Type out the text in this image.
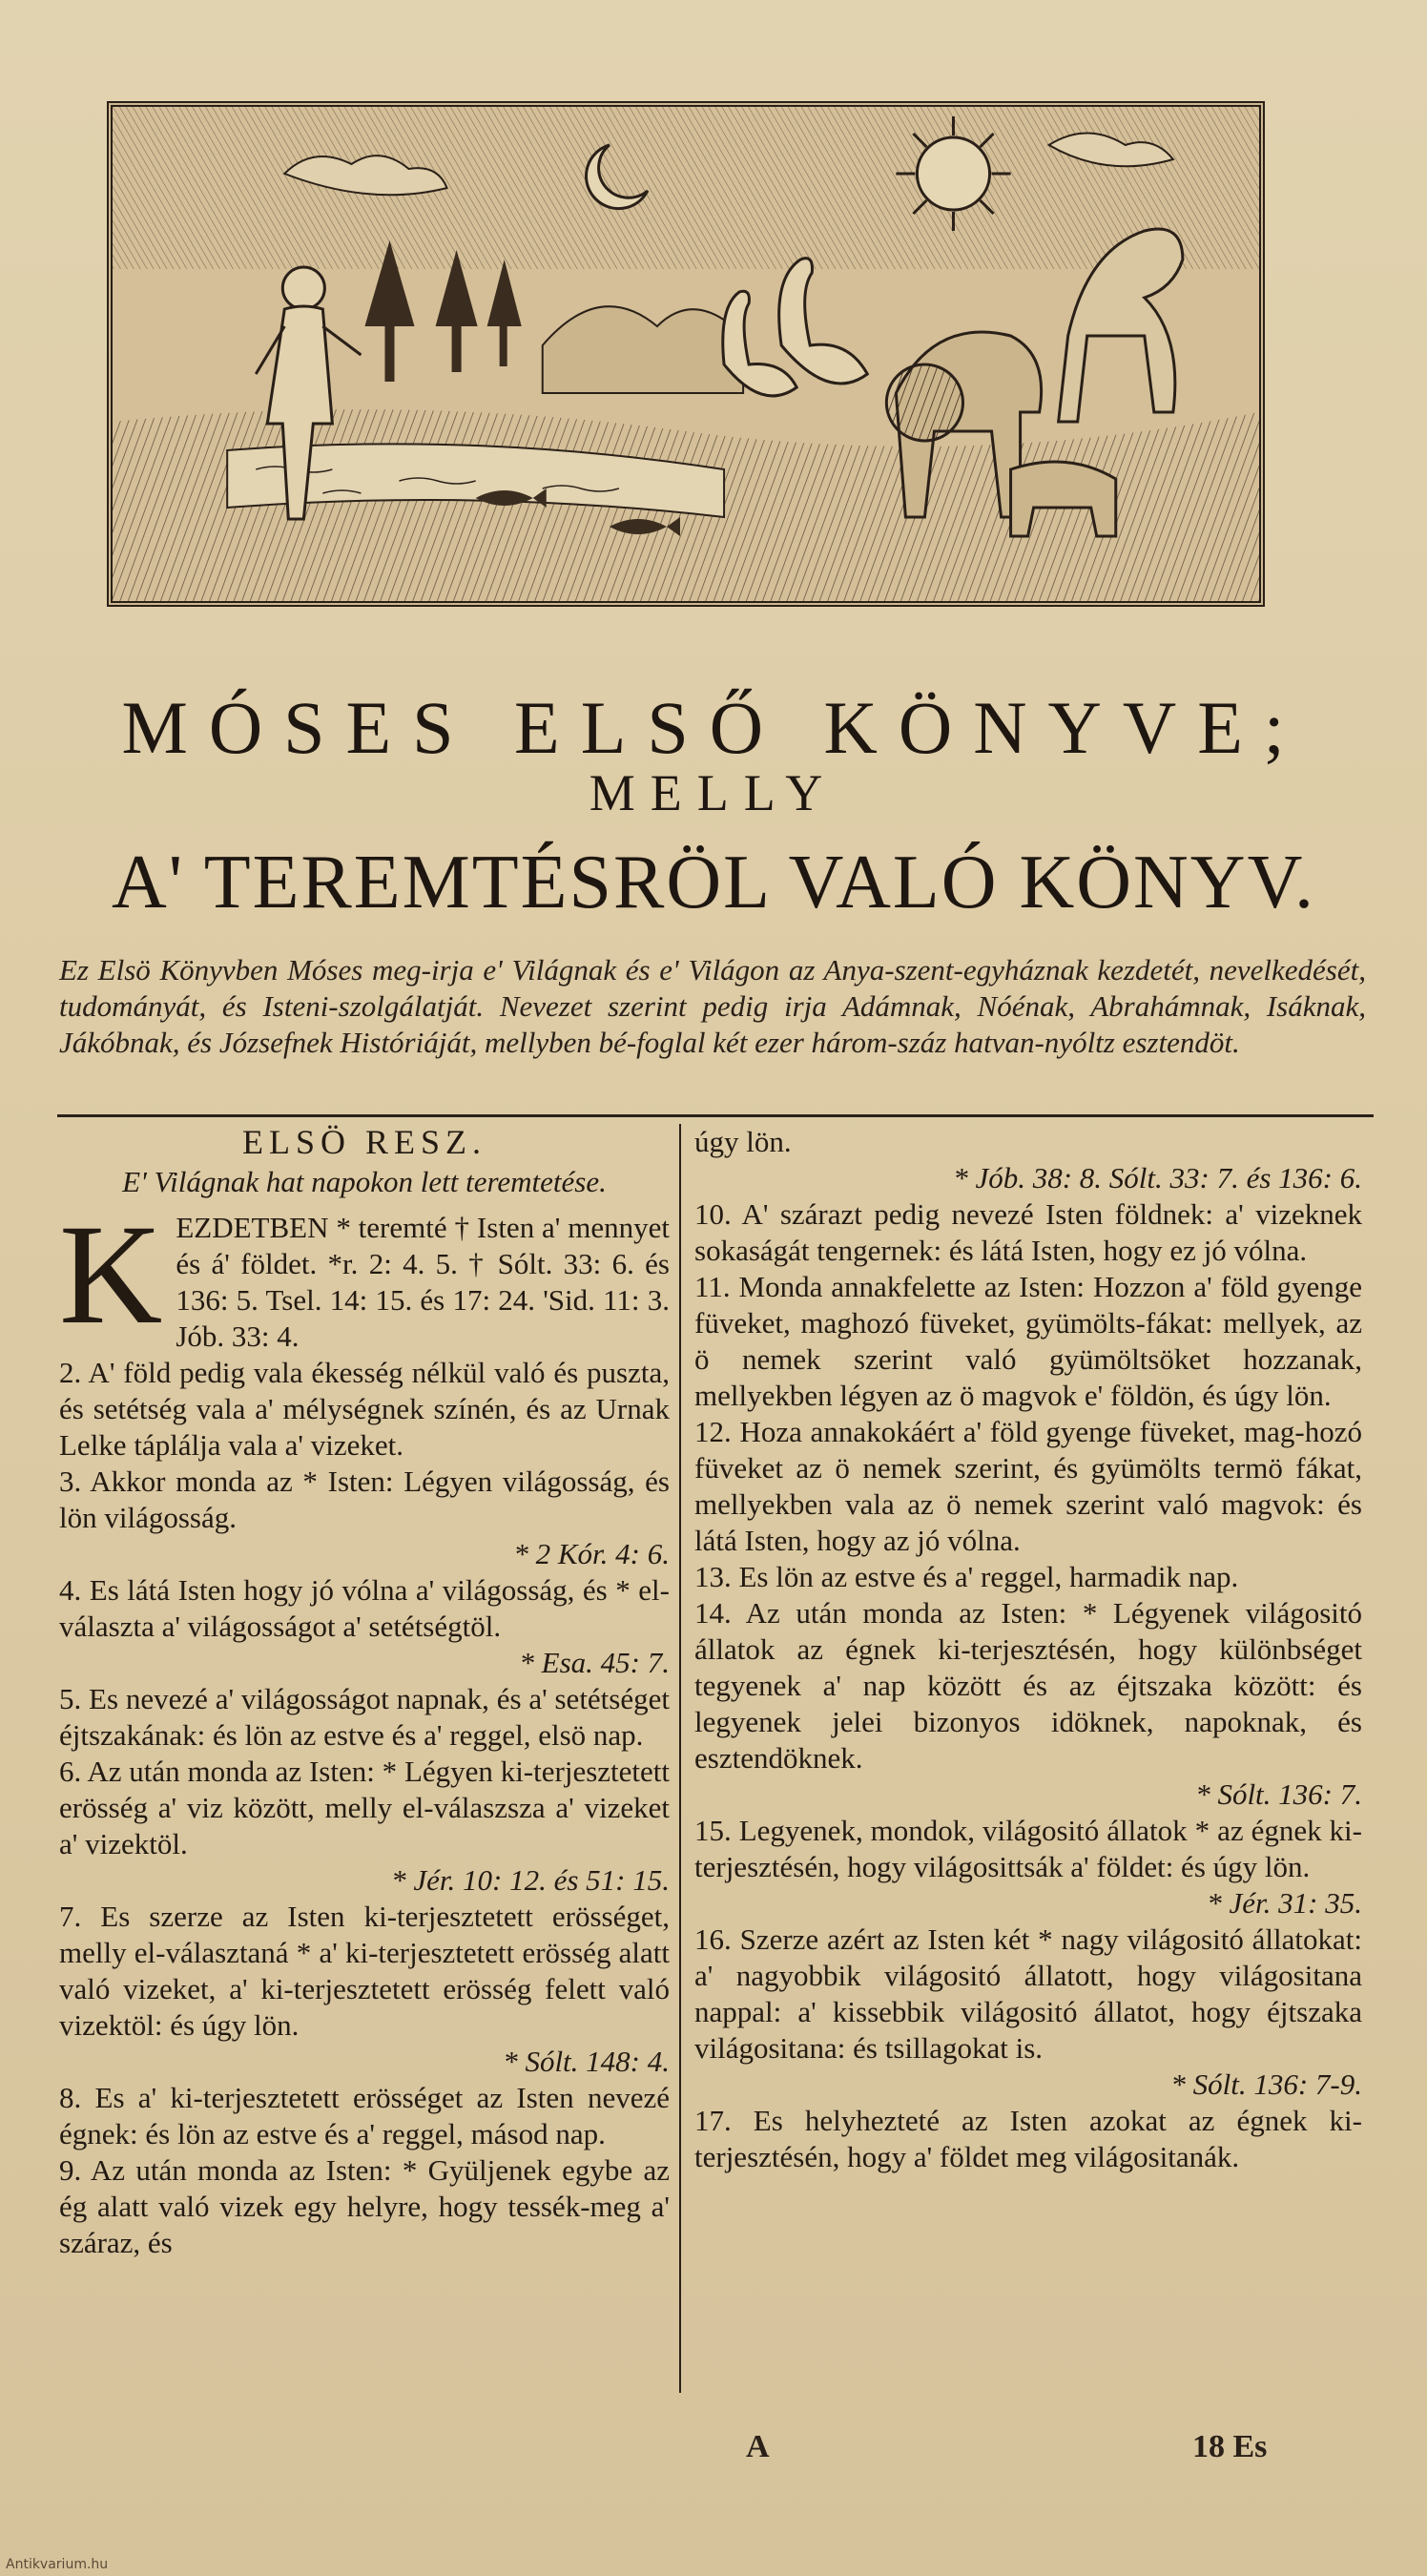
MÓSES ELSŐ KÖNYVE;
MELLY
A' TEREMTÉSRÖL VALÓ KÖNYV.
Ez Elsö Könyvben Móses meg-irja e' Világnak és e' Világon az Anya-szent-egyháznak kezdetét, nevelkedését, tudományát, és Isteni-szolgálatját. Nevezet szerint pedig irja Adámnak, Nóénak, Abrahámnak, Isáknak, Jákóbnak, és Józsefnek Históriáját, mellyben bé-foglal két ezer három-száz hatvan-nyóltz esztendöt.
ELSÖ RESZ.
E' Világnak hat napokon lett teremtetése.
K EZDETBEN * teremté † Isten a' mennyet és á' földet. *r. 2: 4. 5. † Sólt. 33: 6. és 136: 5. Tsel. 14: 15. és 17: 24. 'Sid. 11: 3. Jób. 33: 4.

2. A' föld pedig vala ékesség nélkül való és puszta, és setétség vala a' mélységnek színén, és az Urnak Lelke táplálja vala a' vizeket.

3. Akkor monda az * Isten: Légyen világosság, és lön világosság.

* 2 Kór. 4: 6.

4. Es látá Isten hogy jó vólna a' világosság, és * el-választa a' világosságot a' setétségtöl.

* Esa. 45: 7.

5. Es nevezé a' világosságot napnak, és a' setétséget éjtszakának: és lön az estve és a' reggel, elsö nap.

6. Az után monda az Isten: * Légyen ki-terjesztetett erösség a' viz között, melly el-válaszsza a' vizeket a' vizektöl.

* Jér. 10: 12. és 51: 15.

7. Es szerze az Isten ki-terjesztetett erösséget, melly el-választaná * a' ki-terjesztetett erösség alatt való vizeket, a' ki-terjesztetett erösség felett való vizektöl: és úgy lön.

* Sólt. 148: 4.

8. Es a' ki-terjesztetett erösséget az Isten nevezé égnek: és lön az estve és a' reggel, másod nap.

9. Az után monda az Isten: * Gyüljenek egybe az ég alatt való vizek egy helyre, hogy tessék-meg a' száraz, és

úgy lön.

* Jób. 38: 8. Sólt. 33: 7. és 136: 6.

10. A' szárazt pedig nevezé Isten földnek: a' vizeknek sokaságát tengernek: és látá Isten, hogy ez jó vólna.

11. Monda annakfelette az Isten: Hozzon a' föld gyenge füveket, maghozó füveket, gyümölts-fákat: mellyek, az ö nemek szerint való gyümöltsöket hozzanak, mellyekben légyen az ö magvok e' földön, és úgy lön.

12. Hoza annakokáért a' föld gyenge füveket, mag-hozó füveket az ö nemek szerint, és gyümölts termö fákat, mellyekben vala az ö nemek szerint való magvok: és látá Isten, hogy az jó vólna.

13. Es lön az estve és a' reggel, harmadik nap.

14. Az után monda az Isten: * Légyenek világositó állatok az égnek ki-terjesztésén, hogy különbséget tegyenek a' nap között és az éjtszaka között: és legyenek jelei bizonyos idöknek, napoknak, és esztendöknek.

* Sólt. 136: 7.

15. Legyenek, mondok, világositó állatok * az égnek ki-terjesztésén, hogy világosittsák a' földet: és úgy lön.

* Jér. 31: 35.

16. Szerze azért az Isten két * nagy világositó állatokat: a' nagyobbik világositó állatott, hogy világositana nappal: a' kissebbik világositó állatot, hogy éjtszaka világositana: és tsillagokat is.

* Sólt. 136: 7-9.

17. Es helyhezteté az Isten azokat az égnek ki-terjesztésén, hogy a' földet meg világositanák.

A	18 Es
Antikvarium.hu
